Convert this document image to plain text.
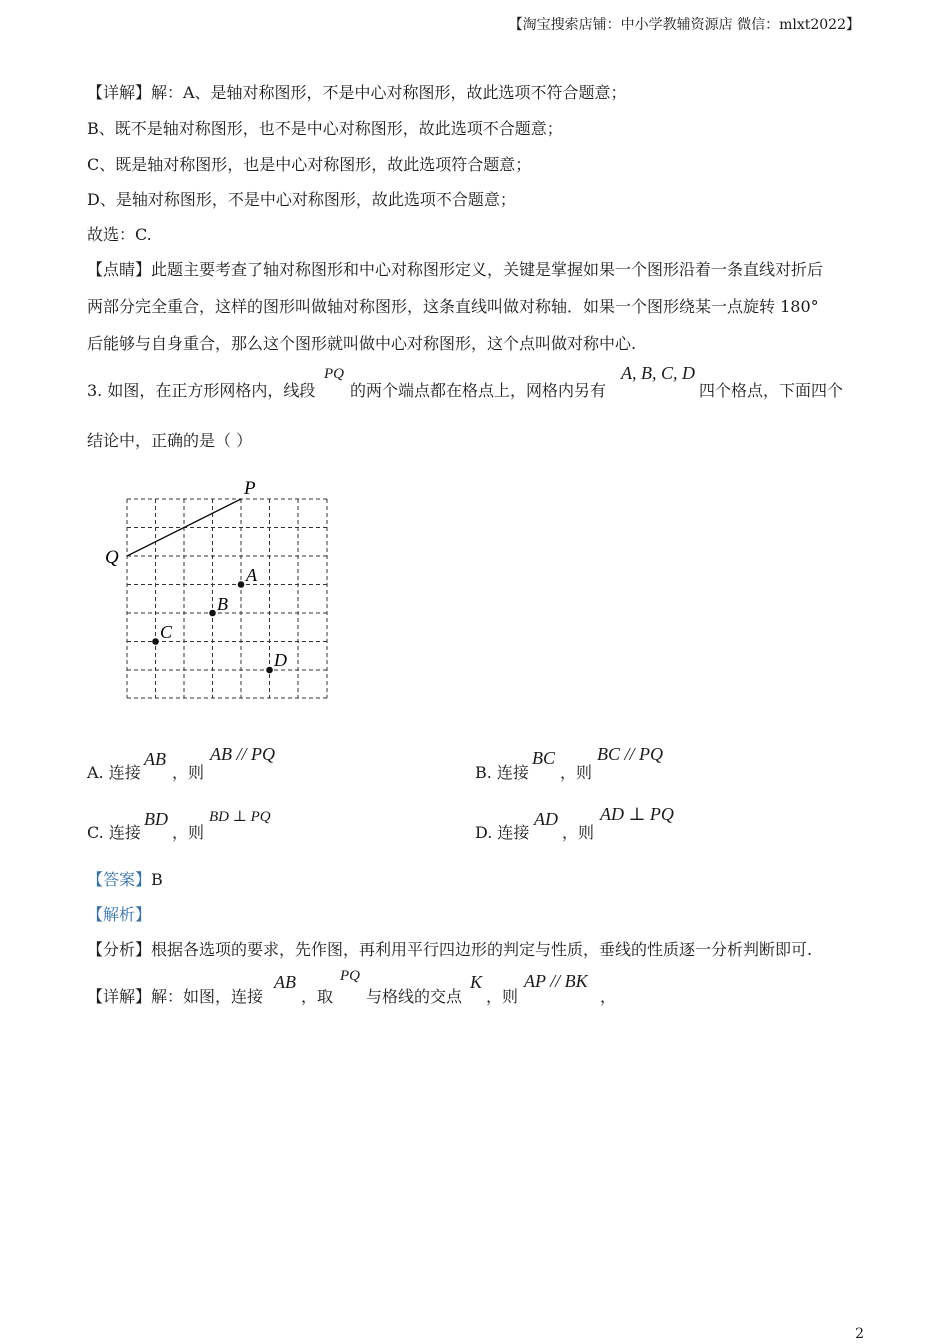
【淘宝搜索店铺：中小学教辅资源店 微信：mlxt2022】
【详解】解：A、是轴对称图形，不是中心对称图形，故此选项不符合题意；
B、既不是轴对称图形，也不是中心对称图形，故此选项不合题意；
C、既是轴对称图形，也是中心对称图形，故此选项符合题意；
D、是轴对称图形，不是中心对称图形，故此选项不合题意；
故选：C.
【点睛】此题主要考查了轴对称图形和中心对称图形定义，关键是掌握如果一个图形沿着一条直线对折后
两部分完全重合，这样的图形叫做轴对称图形，这条直线叫做对称轴．如果一个图形绕某一点旋转 180°
后能够与自身重合，那么这个图形就叫做中心对称图形，这个点叫做对称中心.
3. 如图，在正方形网格内，线段
PQ
的两个端点都在格点上，网格内另有
A, B, C, D
四个格点，下面四个
结论中，正确的是（ ）
P
Q
A
B
C
D
A. 连接
AB
，则
AB // PQ
B. 连接
BC
，则
BC // PQ
C. 连接
BD
，则
BD ⊥ PQ
D. 连接
AD
，则
AD ⊥ PQ
【答案】B
【解析】
【分析】根据各选项的要求，先作图，再利用平行四边形的判定与性质，垂线的性质逐一分析判断即可.
【详解】解：如图，连接
AB
，取
PQ
与格线的交点
K
，则
AP // BK
，
2
